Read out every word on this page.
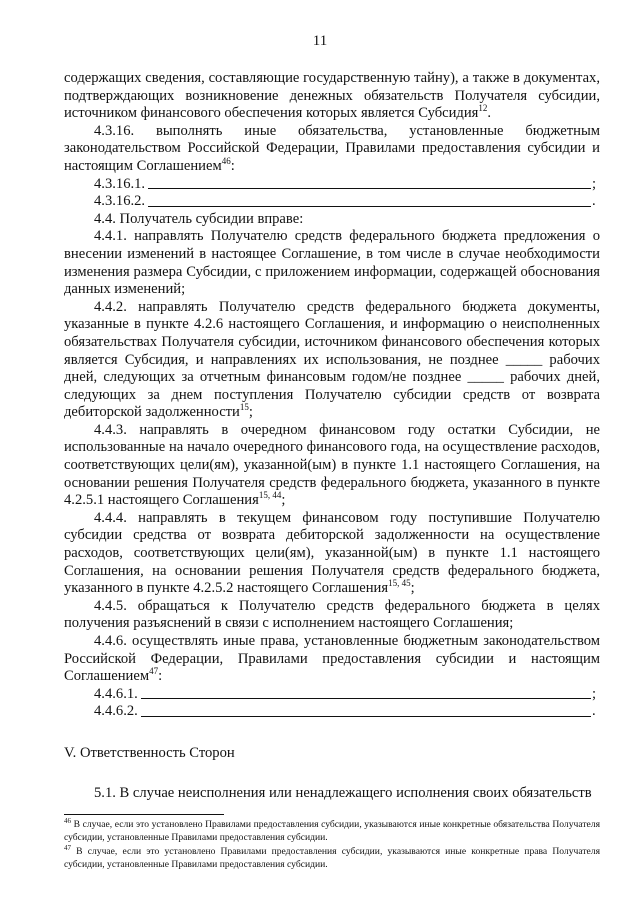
11

содержащих сведения, составляющие государственную тайну), а также в документах, подтверждающих возникновение денежных обязательств Получателя субсидии, источником финансового обеспечения которых является Субсидия$^{12}$.

4.3.16. выполнять иные обязательства, установленные бюджетным законодательством Российской Федерации, Правилами предоставления субсидии и настоящим Соглашением$^{46}$:

4.3.16.1.	;
4.3.16.2.	.

4.4. Получатель субсидии вправе:

4.4.1. направлять Получателю средств федерального бюджета предложения о внесении изменений в настоящее Соглашение, в том числе в случае необходимости изменения размера Субсидии, с приложением информации, содержащей обоснования данных изменений;

4.4.2. направлять Получателю средств федерального бюджета документы, указанные в пункте 4.2.6 настоящего Соглашения, и информацию о неисполненных обязательствах Получателя субсидии, источником финансового обеспечения которых является Субсидия, и направлениях их использования, не позднее _____ рабочих дней, следующих за отчетным финансовым годом/не позднее _____ рабочих дней, следующих за днем поступления Получателю субсидии средств от возврата дебиторской задолженности$^{15}$;

4.4.3. направлять в очередном финансовом году остатки Субсидии, не использованные на начало очередного финансового года, на осуществление расходов, соответствующих цели(ям), указанной(ым) в пункте 1.1 настоящего Соглашения, на основании решения Получателя средств федерального бюджета, указанного в пункте 4.2.5.1 настоящего Соглашения$^{15, 44}$;

4.4.4. направлять в текущем финансовом году поступившие Получателю субсидии средства от возврата дебиторской задолженности на осуществление расходов, соответствующих цели(ям), указанной(ым) в пункте 1.1 настоящего Соглашения, на основании решения Получателя средств федерального бюджета, указанного в пункте 4.2.5.2 настоящего Соглашения$^{15, 45}$;

4.4.5. обращаться к Получателю средств федерального бюджета в целях получения разъяснений в связи с исполнением настоящего Соглашения;

4.4.6. осуществлять иные права, установленные бюджетным законодательством Российской Федерации, Правилами предоставления субсидии и настоящим Соглашением$^{47}$:

4.4.6.1.	;
4.4.6.2.	.

V. Ответственность Сторон

5.1. В случае неисполнения или ненадлежащего исполнения своих обязательств

$^{46}$ В случае, если это установлено Правилами предоставления субсидии, указываются иные конкретные обязательства Получателя субсидии, установленные Правилами предоставления субсидии.

$^{47}$ В случае, если это установлено Правилами предоставления субсидии, указываются иные конкретные права Получателя субсидии, установленные Правилами предоставления субсидии.
